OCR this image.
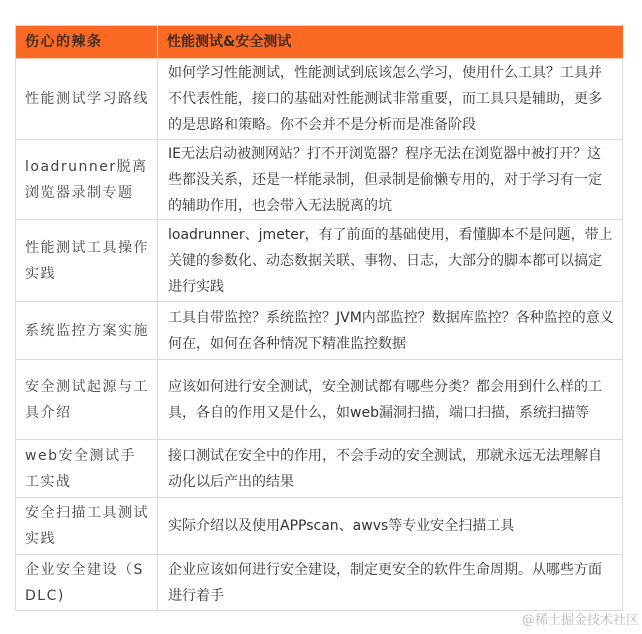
伤心的辣条	性能测试&安全测试
性能测试学习路线	如何学习性能测试，性能测试到底该怎么学习，使用什么工具？工具并不代表性能，接口的基础对性能测试非常重要，而工具只是辅助，更多的是思路和策略。你不会并不是分析而是准备阶段
loadrunner脱离浏览器录制专题	IE无法启动被测网站？打不开浏览器？程序无法在浏览器中被打开？这些都没关系，还是一样能录制，但录制是偷懒专用的，对于学习有一定的辅助作用，也会带入无法脱离的坑
性能测试工具操作实践	loadrunner、jmeter，有了前面的基础使用，看懂脚本不是问题，带上关键的参数化、动态数据关联、事物、日志，大部分的脚本都可以搞定进行实践
系统监控方案实施	工具自带监控？系统监控？JVM内部监控？数据库监控？各种监控的意义何在，如何在各种情况下精准监控数据
安全测试起源与工具介绍	应该如何进行安全测试，安全测试都有哪些分类？都会用到什么样的工具，各自的作用又是什么，如web漏洞扫描，端口扫描，系统扫描等
web安全测试手工实战	接口测试在安全中的作用，不会手动的安全测试，那就永远无法理解自动化以后产出的结果
安全扫描工具测试实践	实际介绍以及使用APPscan、awvs等专业安全扫描工具
企业安全建设（SDLC)	企业应该如何进行安全建设，制定更安全的软件生命周期。从哪些方面进行着手
@稀土掘金技术社区
